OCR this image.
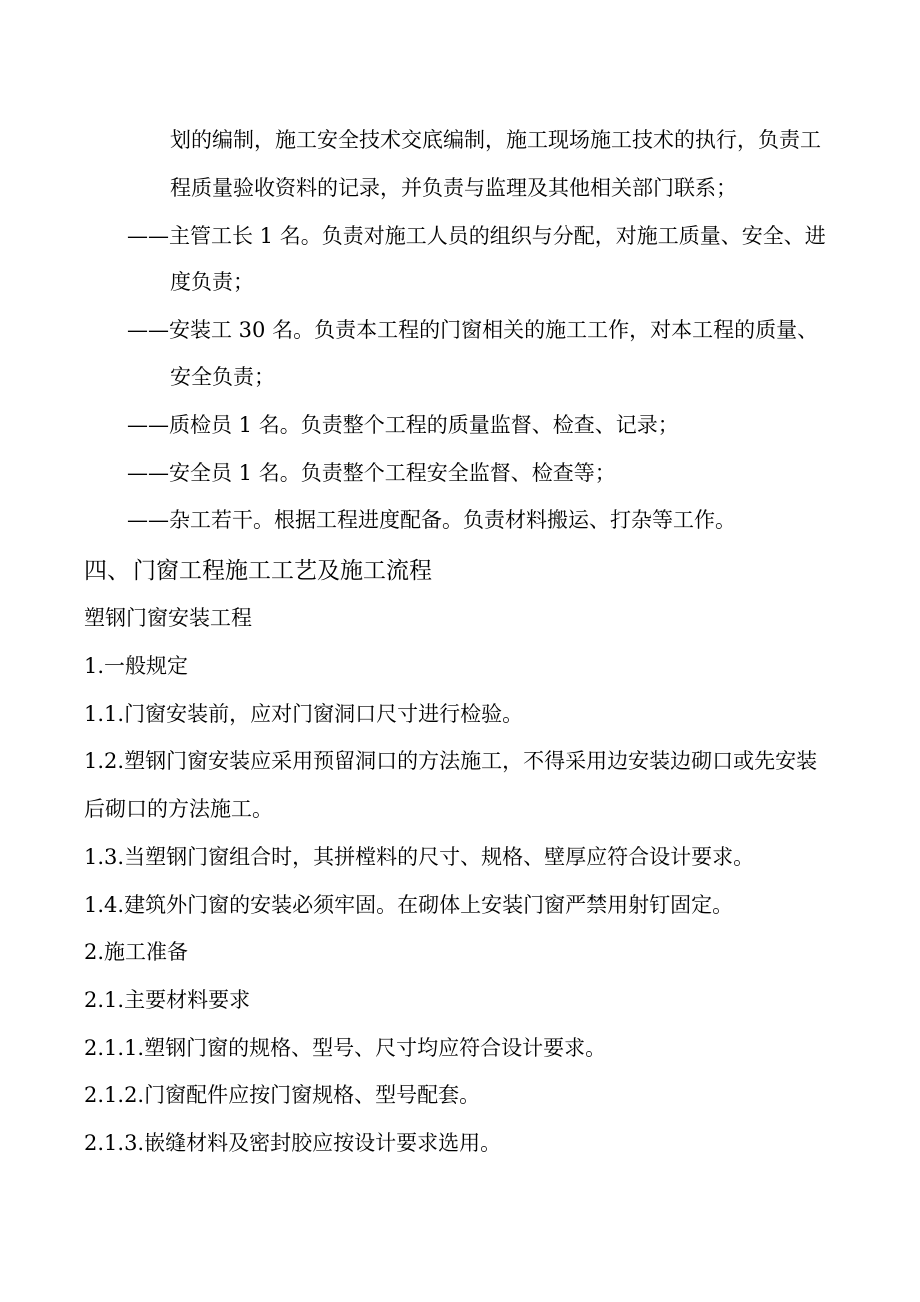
划的编制，施工安全技术交底编制，施工现场施工技术的执行，负责工
程质量验收资料的记录，并负责与监理及其他相关部门联系；
——主管工长 1 名。负责对施工人员的组织与分配，对施工质量、安全、进
度负责；
——安装工 30 名。负责本工程的门窗相关的施工工作，对本工程的质量、
安全负责；
——质检员 1 名。负责整个工程的质量监督、检查、记录；
——安全员 1 名。负责整个工程安全监督、检查等；
——杂工若干。根据工程进度配备。负责材料搬运、打杂等工作。
四、 门窗工程施工工艺及施工流程
塑钢门窗安装工程
1.一般规定
1.1.门窗安装前，应对门窗洞口尺寸进行检验。
1.2.塑钢门窗安装应采用预留洞口的方法施工，不得采用边安装边砌口或先安装
后砌口的方法施工。
1.3.当塑钢门窗组合时，其拼樘料的尺寸、规格、壁厚应符合设计要求。
1.4.建筑外门窗的安装必须牢固。在砌体上安装门窗严禁用射钉固定。
2.施工准备
2.1.主要材料要求
2.1.1.塑钢门窗的规格、型号、尺寸均应符合设计要求。
2.1.2.门窗配件应按门窗规格、型号配套。
2.1.3.嵌缝材料及密封胶应按设计要求选用。
